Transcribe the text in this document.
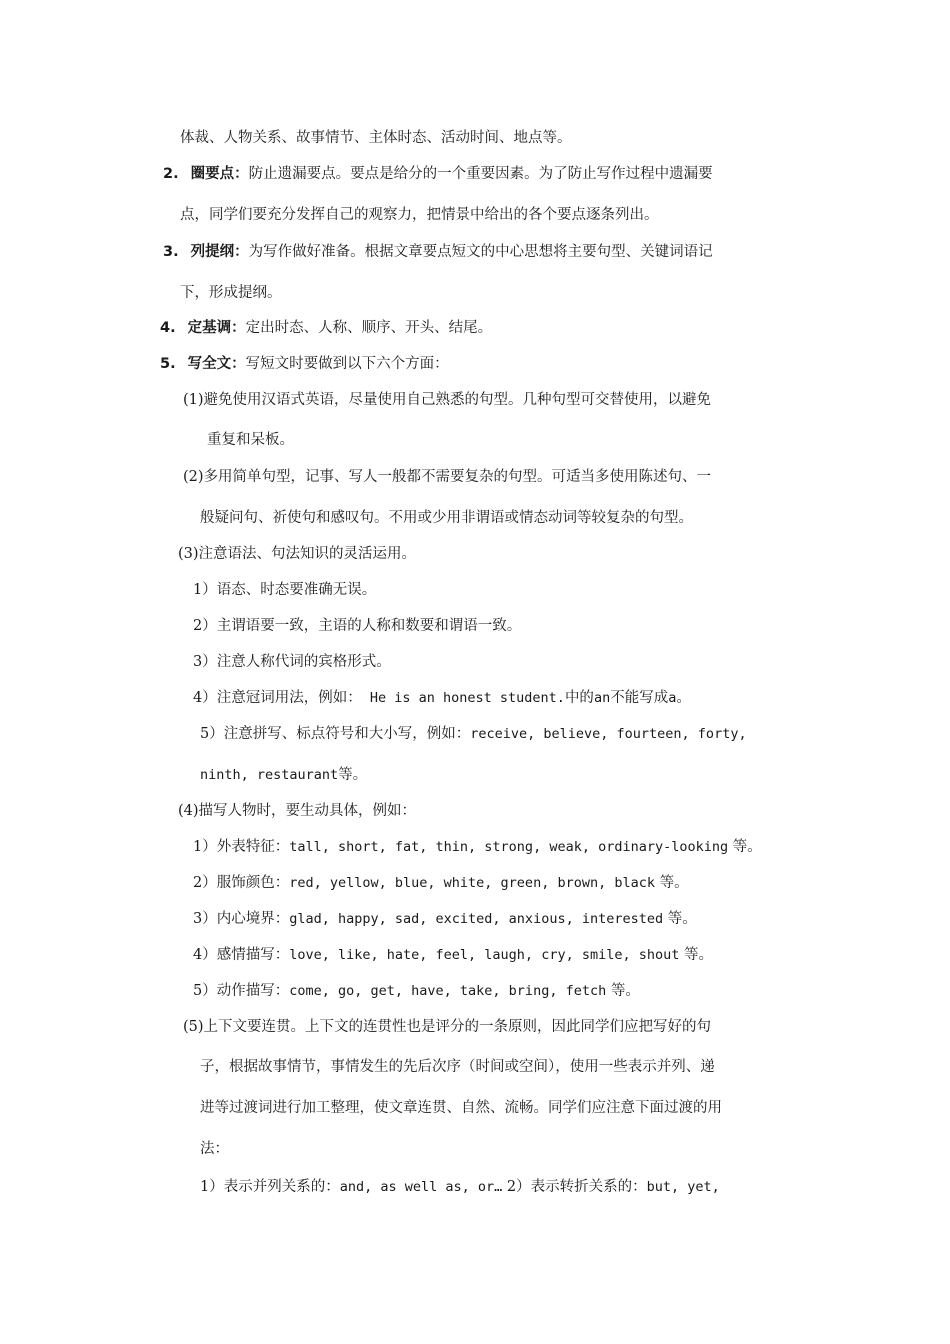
体裁、人物关系、故事情节、主体时态、活动时间、地点等。
2. 圈要点：防止遗漏要点。要点是给分的一个重要因素。为了防止写作过程中遗漏要
点，同学们要充分发挥自己的观察力，把情景中给出的各个要点逐条列出。
3. 列提纲：为写作做好准备。根据文章要点短文的中心思想将主要句型、关键词语记
下，形成提纲。
4. 定基调：定出时态、人称、顺序、开头、结尾。
5. 写全文：写短文时要做到以下六个方面：
(1)避免使用汉语式英语，尽量使用自己熟悉的句型。几种句型可交替使用，以避免
重复和呆板。
(2)多用简单句型，记事、写人一般都不需要复杂的句型。可适当多使用陈述句、一
般疑问句、祈使句和感叹句。不用或少用非谓语或情态动词等较复杂的句型。
(3)注意语法、句法知识的灵活运用。
1）语态、时态要准确无误。
2）主谓语要一致，主语的人称和数要和谓语一致。
3）注意人称代词的宾格形式。
4）注意冠词用法，例如： He is an honest student.中的an不能写成a。
5）注意拼写、标点符号和大小写，例如：receive, believe, fourteen, forty,
ninth, restaurant等。
(4)描写人物时，要生动具体，例如：
1）外表特征：tall, short, fat, thin, strong, weak, ordinary-looking 等。
2）服饰颜色：red, yellow, blue, white, green, brown, black 等。
3）内心境界：glad, happy, sad, excited, anxious, interested 等。
4）感情描写：love, like, hate, feel, laugh, cry, smile, shout 等。
5）动作描写：come, go, get, have, take, bring, fetch 等。
(5)上下文要连贯。上下文的连贯性也是评分的一条原则，因此同学们应把写好的句
子，根据故事情节，事情发生的先后次序（时间或空间），使用一些表示并列、递
进等过渡词进行加工整理，使文章连贯、自然、流畅。同学们应注意下面过渡的用
法：
1）表示并列关系的：and, as well as, or… 2）表示转折关系的：but, yet,
